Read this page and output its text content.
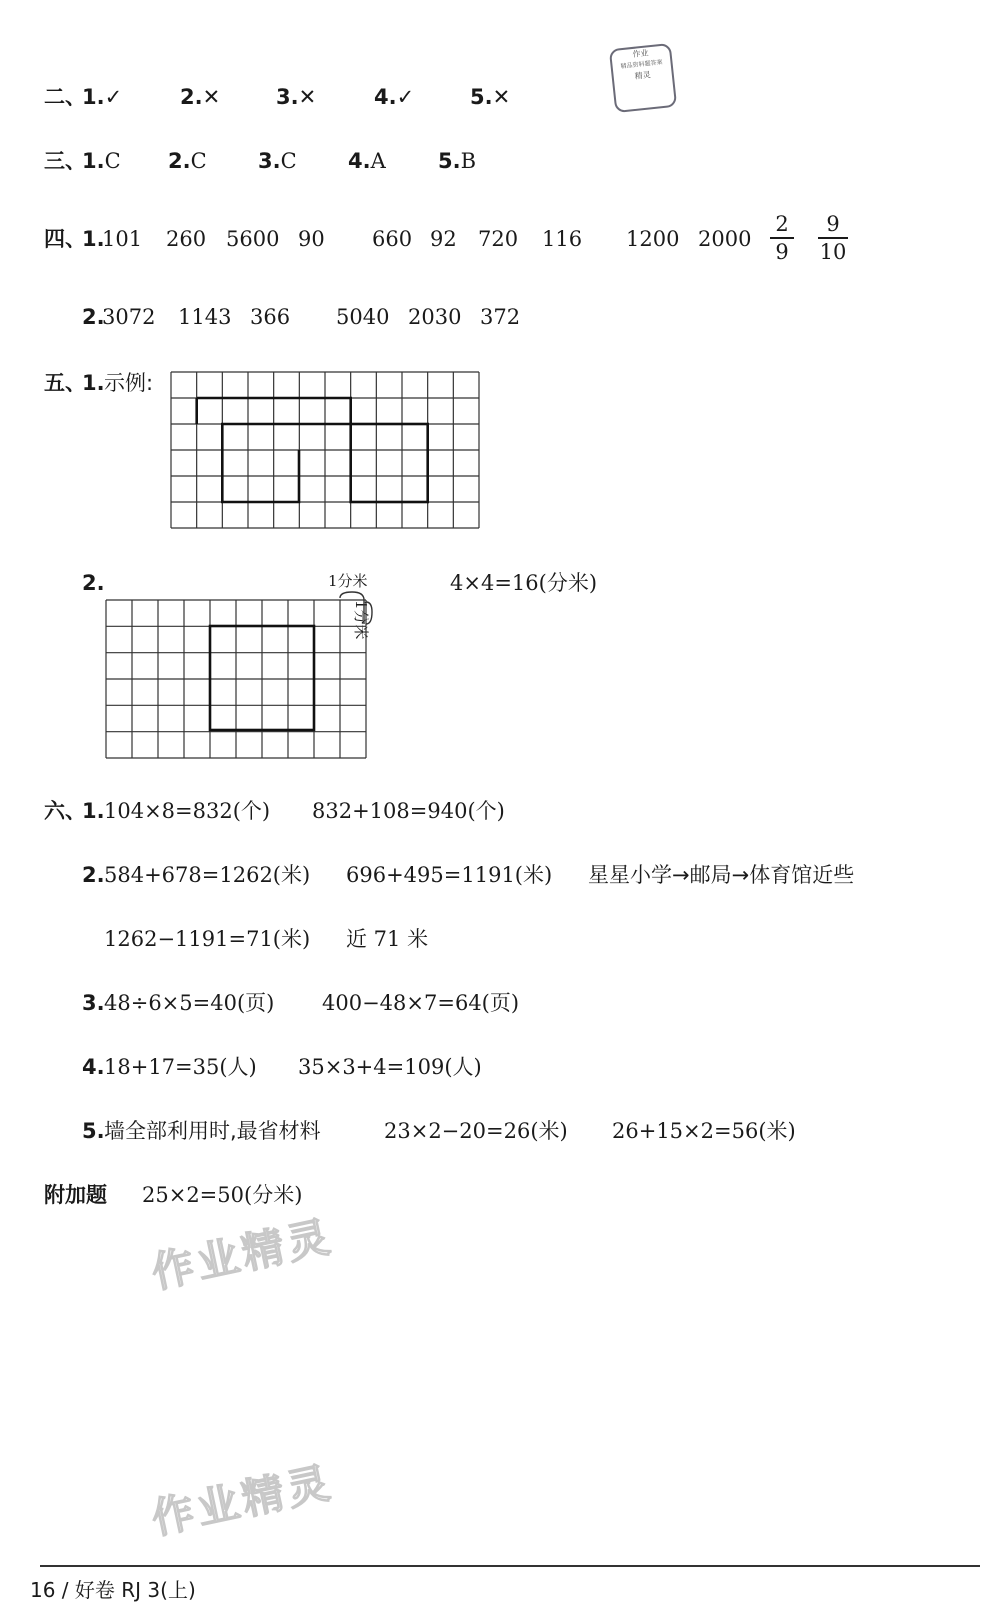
作业
精品资料题答案
精灵
二、
1.✓	2.✕	3.✕	4.✓	5.✕
三、
1.C 2.C 3.C 4.A 5.B
四、
1.
101 260 5600 90 660 92 720 116 1200 2000
2
9
9
10
2.
3072 1143 366 5040 2030 372
五、
1. 示例:
2.	4×4=16(分米)
1分米
1分米
六、
1. 104×8=832(个) 832+108=940(个)
2. 584+678=1262(米) 696+495=1191(米) 星星小学→邮局→体育馆近些
1262−1191=71(米) 近 71 米
3. 48÷6×5=40(页) 400−48×7=64(页)
4. 18+17=35(人) 35×3+4=109(人)
5. 墙全部利用时,最省材料	23×2−20=26(米) 26+15×2=56(米)
附加题 25×2=50(分米)
作业精灵
作业精灵
16 / 好卷 RJ 3(上)
